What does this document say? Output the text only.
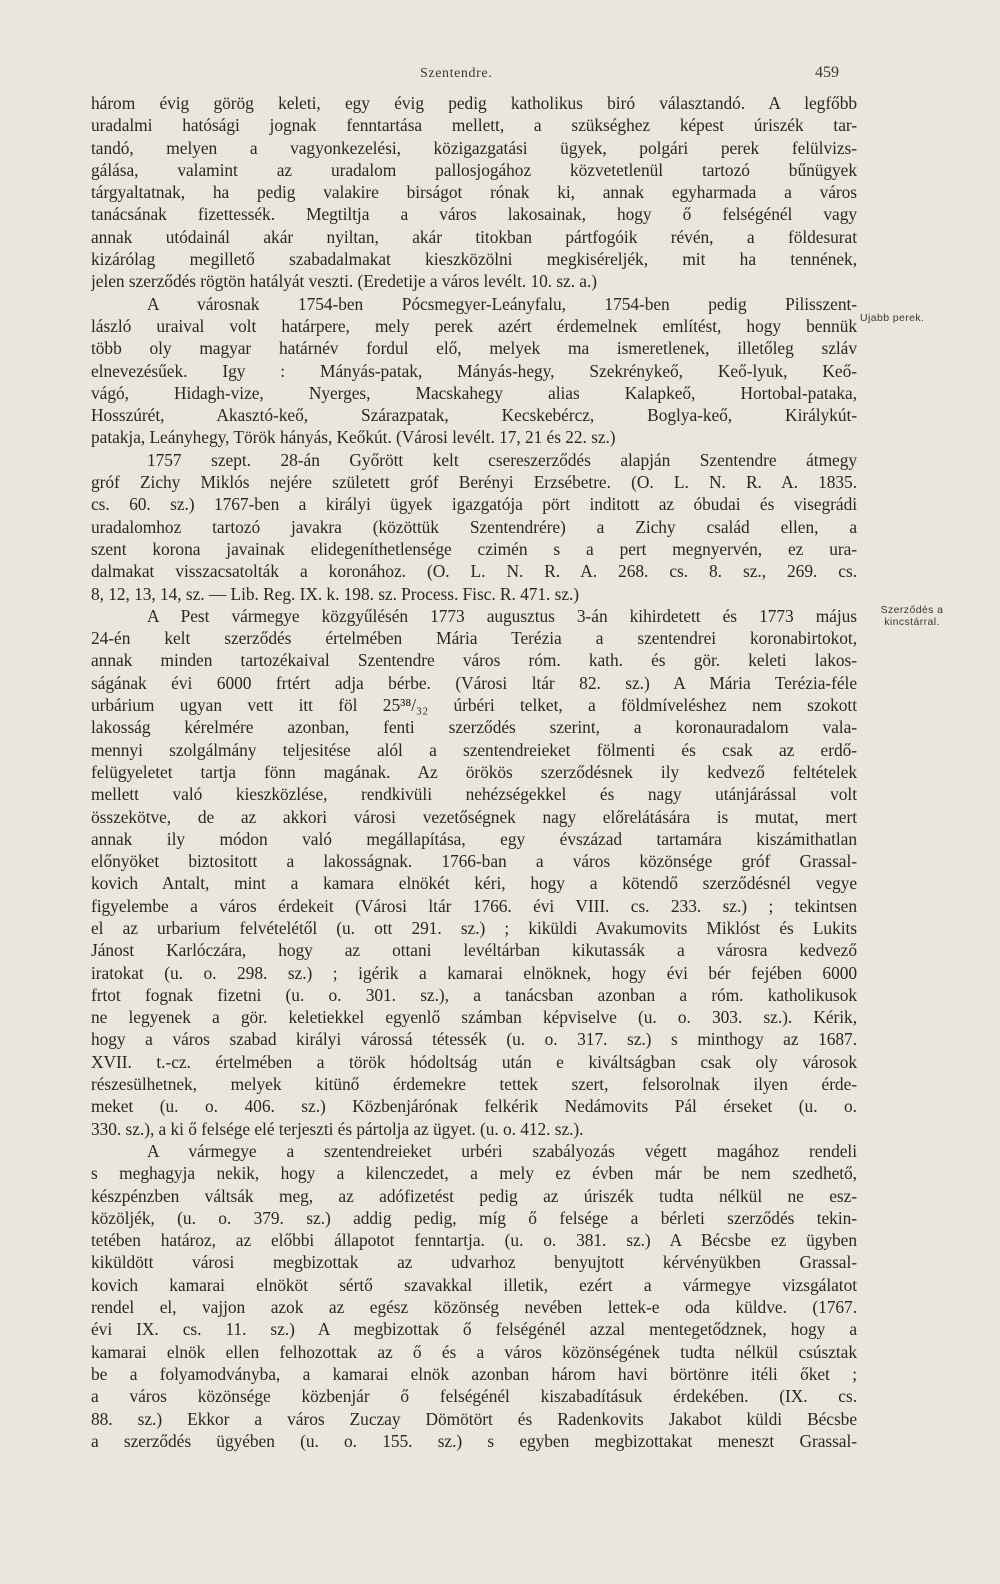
Szentendre.	459
Ujabb perek.
Szerződés a kincstárral.
három évig görög keleti, egy évig pedig katholikus biró választandó. A legfőbb
uradalmi hatósági jognak fenntartása mellett, a szükséghez képest úriszék tar-
tandó, melyen a vagyonkezelési, közigazgatási ügyek, polgári perek felülvizs-
gálása, valamint az uradalom pallosjogához közvetetlenül tartozó bűnügyek
tárgyaltatnak, ha pedig valakire birságot rónak ki, annak egyharmada a város
tanácsának fizettessék. Megtiltja a város lakosainak, hogy ő felségénél vagy
annak utódainál akár nyiltan, akár titokban pártfogóik révén, a földesurat
kizárólag megillető szabadalmakat kieszközölni megkiséreljék, mit ha tennének,
jelen szerződés rögtön hatályát veszti. (Eredetije a város levélt. 10. sz. a.)
A városnak 1754-ben Pócsmegyer-Leányfalu, 1754-ben pedig Pilisszent-
lászló uraival volt határpere, mely perek azért érdemelnek említést, hogy bennük
több oly magyar határnév fordul elő, melyek ma ismeretlenek, illetőleg szláv
elnevezésűek. Igy : Mányás-patak, Mányás-hegy, Szekrénykeő, Keő-lyuk, Keő-
vágó, Hidagh-vize, Nyerges, Macskahegy alias Kalapkeő, Hortobal-pataka,
Hosszúrét, Akasztó-keő, Szárazpatak, Kecskebércz, Boglya-keő, Királykút-
patakja, Leányhegy, Török hányás, Keőkút. (Városi levélt. 17, 21 és 22. sz.)
1757 szept. 28-án Győrött kelt csereszerződés alapján Szentendre átmegy
gróf Zichy Miklós nejére született gróf Berényi Erzsébetre. (O. L. N. R. A. 1835.
cs. 60. sz.) 1767-ben a királyi ügyek igazgatója pört inditott az óbudai és visegrádi
uradalomhoz tartozó javakra (közöttük Szentendrére) a Zichy család ellen, a
szent korona javainak elidegeníthetlensége czimén s a pert megnyervén, ez ura-
dalmakat visszacsatolták a koronához. (O. L. N. R. A. 268. cs. 8. sz., 269. cs.
8, 12, 13, 14, sz. — Lib. Reg. IX. k. 198. sz. Process. Fisc. R. 471. sz.)
A Pest vármegye közgyűlésén 1773 augusztus 3-án kihirdetett és 1773 május
24-én kelt szerződés értelmében Mária Terézia a szentendrei koronabirtokot,
annak minden tartozékaival Szentendre város róm. kath. és gör. keleti lakos-
ságának évi 6000 frtért adja bérbe. (Városi ltár 82. sz.) A Mária Terézia-féle
urbárium ugyan vett itt föl 25³⁸/₃₂ úrbéri telket, a földmíveléshez nem szokott
lakosság kérelmére azonban, fenti szerződés szerint, a koronauradalom vala-
mennyi szolgálmány teljesitése alól a szentendreieket fölmenti és csak az erdő-
felügyeletet tartja fönn magának. Az örökös szerződésnek ily kedvező feltételek
mellett való kieszközlése, rendkivüli nehézségekkel és nagy utánjárással volt
összekötve, de az akkori városi vezetőségnek nagy előrelátására is mutat, mert
annak ily módon való megállapítása, egy évszázad tartamára kiszámithatlan
előnyöket biztositott a lakosságnak. 1766-ban a város közönsége gróf Grassal-
kovich Antalt, mint a kamara elnökét kéri, hogy a kötendő szerződésnél vegye
figyelembe a város érdekeit (Városi ltár 1766. évi VIII. cs. 233. sz.) ; tekintsen
el az urbarium felvételétől (u. ott 291. sz.) ; kiküldi Avakumovits Miklóst és Lukits
Jánost Karlóczára, hogy az ottani levéltárban kikutassák a városra kedvező
iratokat (u. o. 298. sz.) ; igérik a kamarai elnöknek, hogy évi bér fejében 6000
frtot fognak fizetni (u. o. 301. sz.), a tanácsban azonban a róm. katholikusok
ne legyenek a gör. keletiekkel egyenlő számban képviselve (u. o. 303. sz.). Kérik,
hogy a város szabad királyi várossá tétessék (u. o. 317. sz.) s minthogy az 1687.
XVII. t.-cz. értelmében a török hódoltság után e kiváltságban csak oly városok
részesülhetnek, melyek kitünő érdemekre tettek szert, felsorolnak ilyen érde-
meket (u. o. 406. sz.) Közbenjárónak felkérik Nedámovits Pál érseket (u. o.
330. sz.), a ki ő felsége elé terjeszti és pártolja az ügyet. (u. o. 412. sz.).
A vármegye a szentendreieket urbéri szabályozás végett magához rendeli
s meghagyja nekik, hogy a kilenczedet, a mely ez évben már be nem szedhető,
készpénzben váltsák meg, az adófizetést pedig az úriszék tudta nélkül ne esz-
közöljék, (u. o. 379. sz.) addig pedig, míg ő felsége a bérleti szerződés tekin-
tetében határoz, az előbbi állapotot fenntartja. (u. o. 381. sz.) A Bécsbe ez ügyben
kiküldött városi megbizottak az udvarhoz benyujtott kérvényükben Grassal-
kovich kamarai elnököt sértő szavakkal illetik, ezért a vármegye vizsgálatot
rendel el, vajjon azok az egész közönség nevében lettek-e oda küldve. (1767.
évi IX. cs. 11. sz.) A megbizottak ő felségénél azzal mentegetődznek, hogy a
kamarai elnök ellen felhozottak az ő és a város közönségének tudta nélkül csúsztak
be a folyamodványba, a kamarai elnök azonban három havi börtönre itéli őket ;
a város közönsége közbenjár ő felségénél kiszabadításuk érdekében. (IX. cs.
88. sz.) Ekkor a város Zuczay Dömötört és Radenkovits Jakabot küldi Bécsbe
a szerződés ügyében (u. o. 155. sz.) s egyben megbizottakat meneszt Grassal-
